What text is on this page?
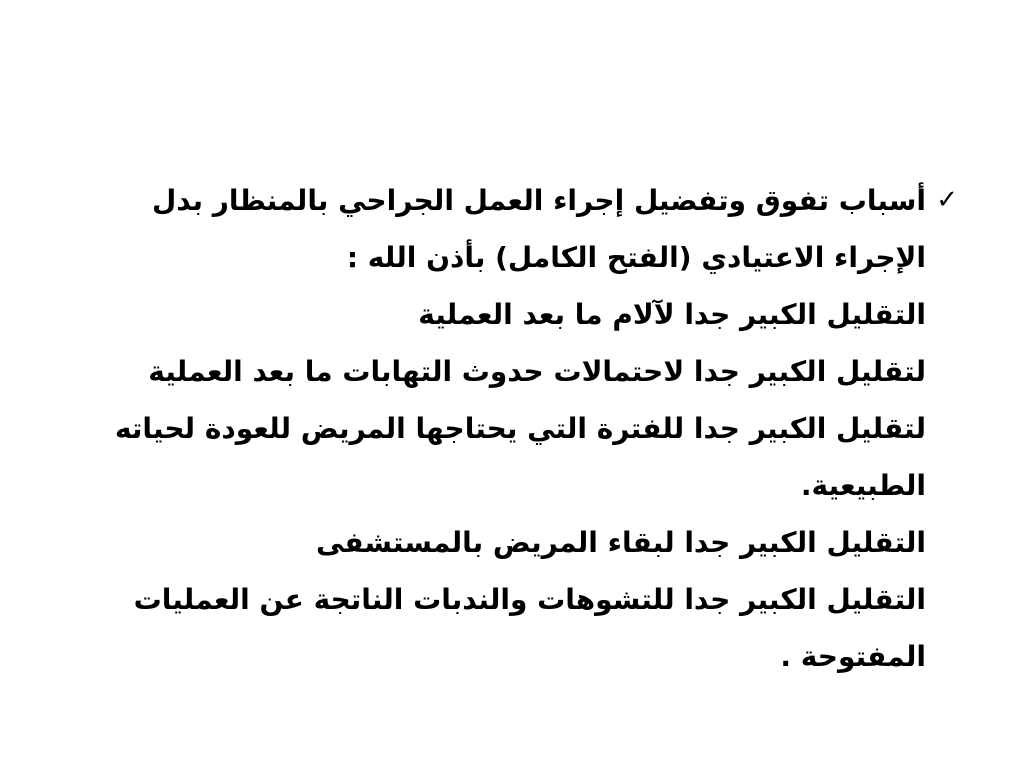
✓
أسباب تفوق وتفضيل إجراء العمل الجراحي بالمنظار بدل الإجراء الاعتيادي (الفتح الكامل) بأذن الله :
التقليل الكبير جدا لآلام ما بعد العملية
لتقليل الكبير جدا لاحتمالات حدوث التهابات ما بعد العملية
لتقليل الكبير جدا للفترة التي يحتاجها المريض للعودة لحياته الطبيعية.
التقليل الكبير جدا لبقاء المريض بالمستشفى
التقليل الكبير جدا للتشوهات والندبات الناتجة عن العمليات المفتوحة .
